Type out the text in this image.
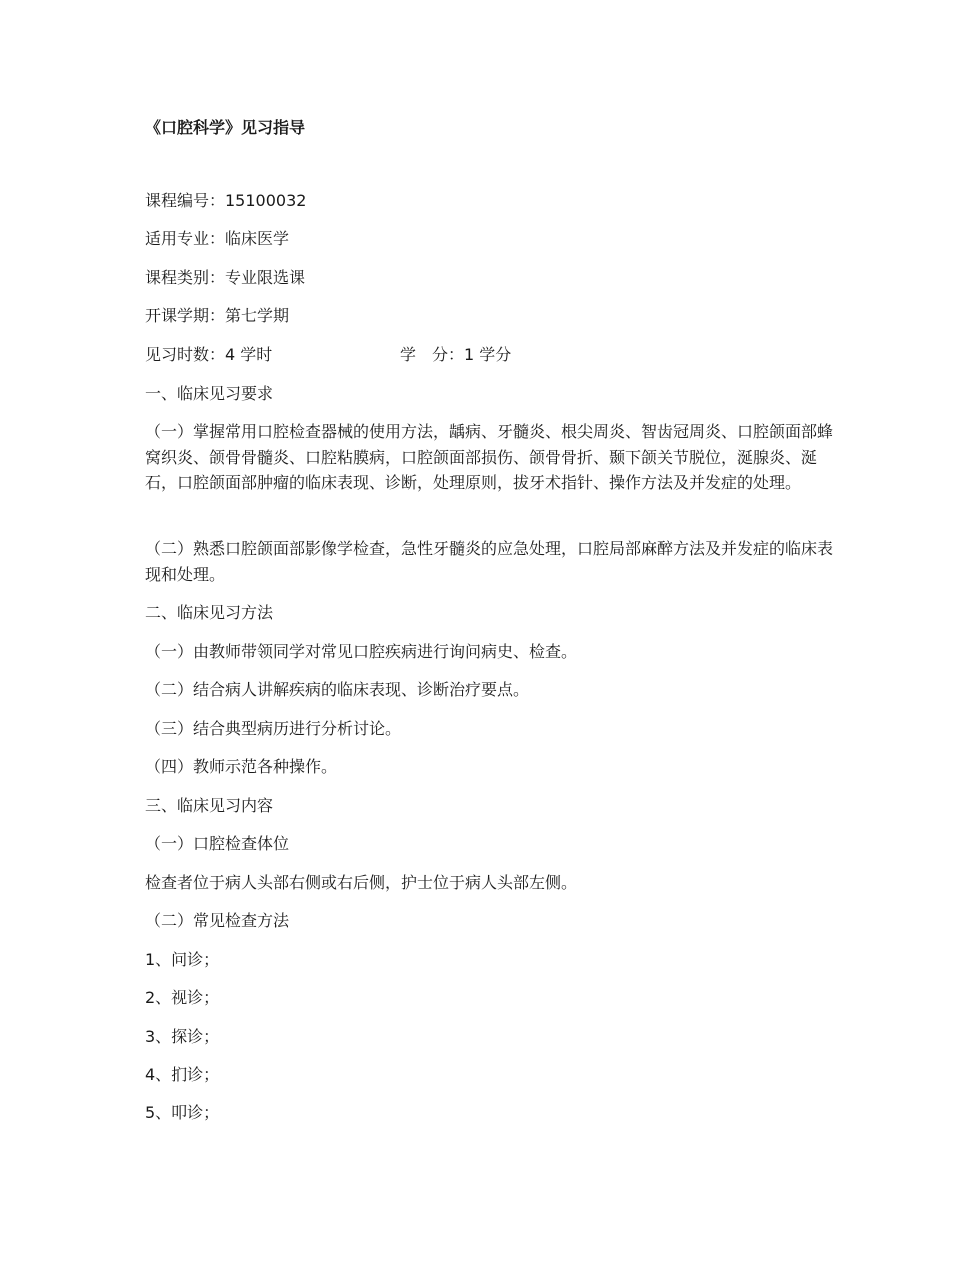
《口腔科学》见习指导
课程编号：15100032
适用专业：临床医学
课程类别：专业限选课
开课学期：第七学期
见习时数：4 学时	学　分：1 学分
一、临床见习要求
（一）掌握常用口腔检查器械的使用方法，龋病、牙髓炎、根尖周炎、智齿冠周炎、口腔颌面部蜂窝织炎、颌骨骨髓炎、口腔粘膜病，口腔颌面部损伤、颌骨骨折、颞下颌关节脱位，涎腺炎、涎石，口腔颌面部肿瘤的临床表现、诊断，处理原则，拔牙术指针、操作方法及并发症的处理。
（二）熟悉口腔颌面部影像学检查，急性牙髓炎的应急处理，口腔局部麻醉方法及并发症的临床表现和处理。
二、临床见习方法
（一）由教师带领同学对常见口腔疾病进行询问病史、检查。
（二）结合病人讲解疾病的临床表现、诊断治疗要点。
（三）结合典型病历进行分析讨论。
（四）教师示范各种操作。
三、临床见习内容
（一）口腔检查体位
检查者位于病人头部右侧或右后侧，护士位于病人头部左侧。
（二）常见检查方法
1、问诊；
2、视诊；
3、探诊；
4、扪诊；
5、叩诊；
